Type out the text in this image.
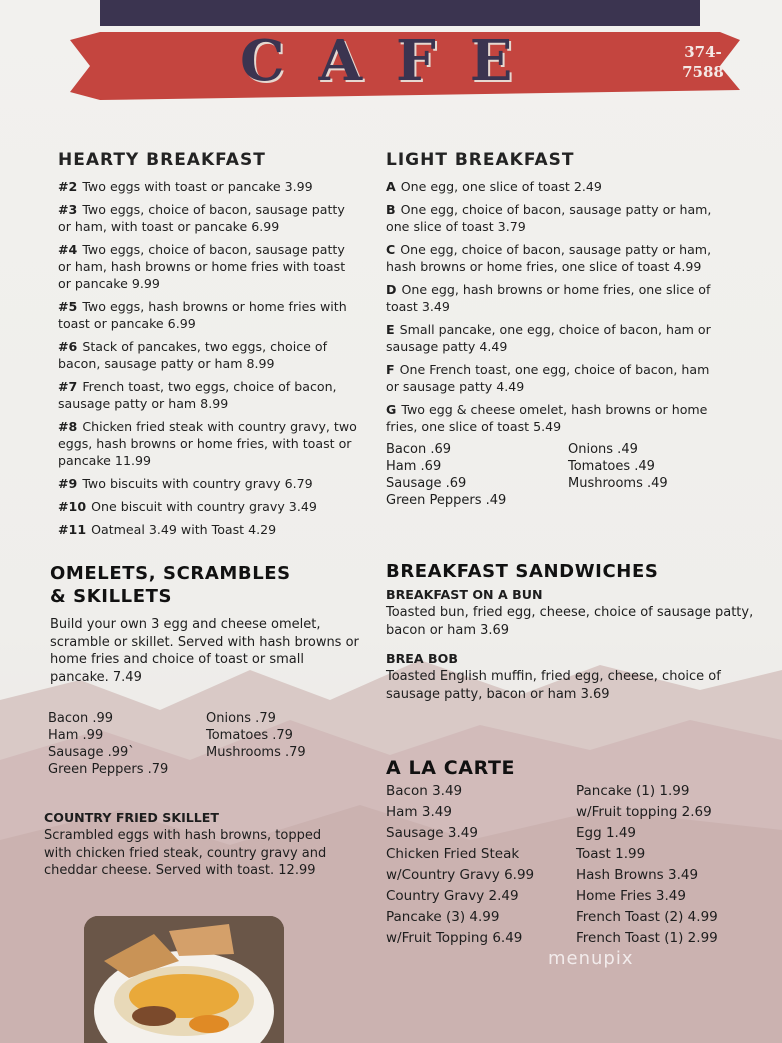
CAFE	374-
7588
HEARTY BREAKFAST
#2 Two eggs with toast or pancake 3.99
#3 Two eggs, choice of bacon, sausage patty or ham, with toast or pancake 6.99
#4 Two eggs, choice of bacon, sausage patty or ham, hash browns or home fries with toast or pancake 9.99
#5 Two eggs, hash browns or home fries with toast or pancake 6.99
#6 Stack of pancakes, two eggs, choice of bacon, sausage patty or ham 8.99
#7 French toast, two eggs, choice of bacon, sausage patty or ham 8.99
#8 Chicken fried steak with country gravy, two eggs, hash browns or home fries, with toast or pancake 11.99
#9 Two biscuits with country gravy 6.79
#10 One biscuit with country gravy 3.49
#11 Oatmeal 3.49 with Toast 4.29
LIGHT BREAKFAST
A One egg, one slice of toast 2.49
B One egg, choice of bacon, sausage patty or ham, one slice of toast 3.79
C One egg, choice of bacon, sausage patty or ham, hash browns or home fries, one slice of toast 4.99
D One egg, hash browns or home fries, one slice of toast 3.49
E Small pancake, one egg, choice of bacon, ham or sausage patty 4.49
F One French toast, one egg, choice of bacon, ham or sausage patty 4.49
G Two egg & cheese omelet, hash browns or home fries, one slice of toast 5.49
Bacon .69
Ham .69
Sausage .69
Green Peppers .49
Onions .49
Tomatoes .49
Mushrooms .49
OMELETS, SCRAMBLES
& SKILLETS
Build your own 3 egg and cheese omelet, scramble or skillet. Served with hash browns or home fries and choice of toast or small pancake. 7.49
Bacon .99
Ham .99
Sausage .99`
Green Peppers .79
Onions .79
Tomatoes .79
Mushrooms .79
COUNTRY FRIED SKILLET
Scrambled eggs with hash browns, topped with chicken fried steak, country gravy and cheddar cheese. Served with toast. 12.99
BREAKFAST SANDWICHES
BREAKFAST ON A BUN
Toasted bun, fried egg, cheese, choice of sausage patty, bacon or ham 3.69
BREA BOB
Toasted English muffin, fried egg, cheese, choice of sausage patty, bacon or ham 3.69
A LA CARTE
Bacon 3.49
Ham 3.49
Sausage 3.49
Chicken Fried Steak
w/Country Gravy 6.99
Country Gravy 2.49
Pancake (3) 4.99
w/Fruit Topping 6.49
Pancake (1) 1.99
w/Fruit topping 2.69
Egg 1.49
Toast 1.99
Hash Browns 3.49
Home Fries 3.49
French Toast (2) 4.99
French Toast (1) 2.99
menupix
